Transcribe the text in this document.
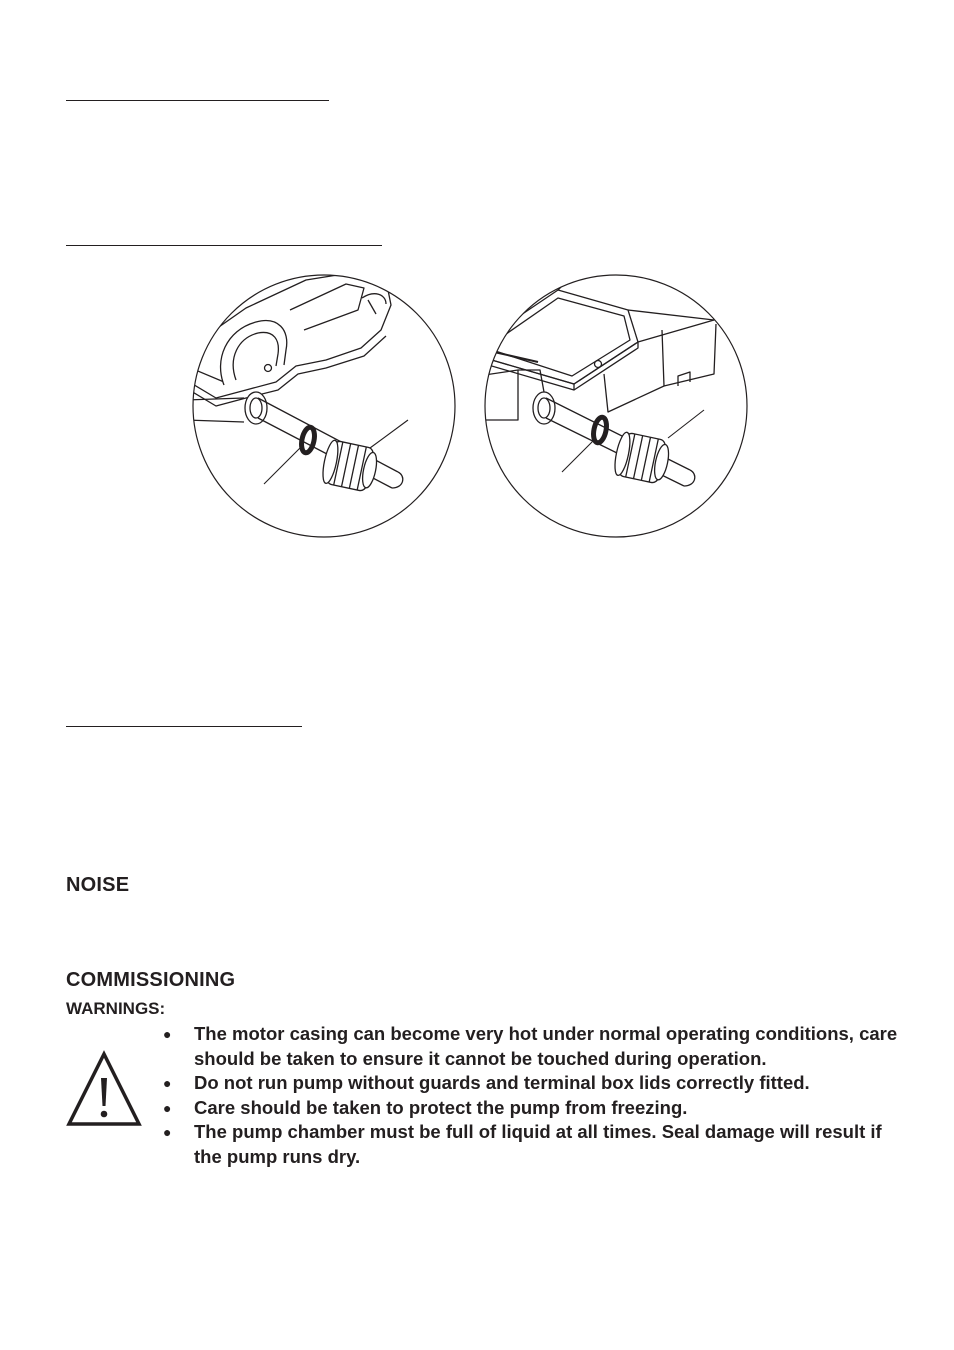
NOISE
COMMISSIONING
WARNINGS:
● The motor casing can become very hot under normal operating conditions, care should be taken to ensure it cannot be touched during operation.
● Do not run pump without guards and terminal box lids correctly fitted.
● Care should be taken to protect the pump from freezing.
● The pump chamber must be full of liquid at all times. Seal damage will result if the pump runs dry.
